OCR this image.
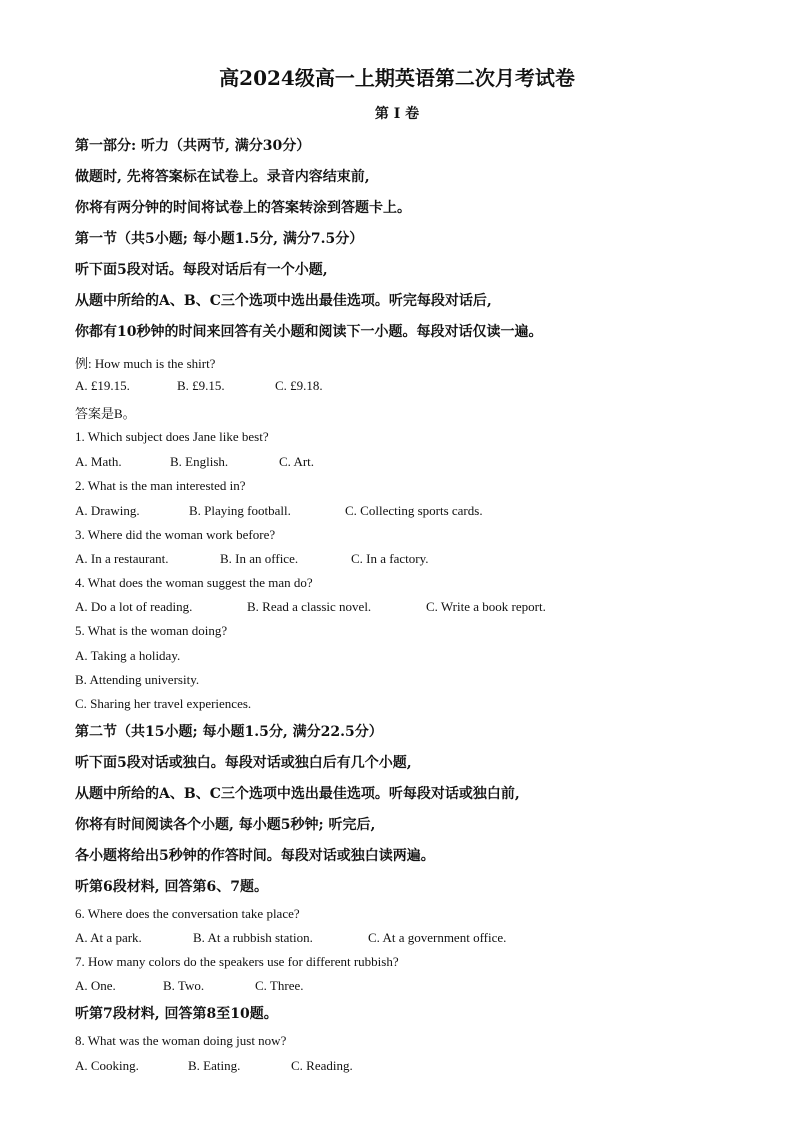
高2024级高一上期英语第二次月考试卷
第 I 卷
第一部分: 听力（共两节, 满分30分）
做题时, 先将答案标在试卷上。录音内容结束前,
你将有两分钟的时间将试卷上的答案转涂到答题卡上。
第一节（共5小题; 每小题1.5分, 满分7.5分）
听下面5段对话。每段对话后有一个小题,
从题中所给的A、B、C三个选项中选出最佳选项。听完每段对话后,
你都有10秒钟的时间来回答有关小题和阅读下一小题。每段对话仅读一遍。
例: How much is the shirt?
A. £19.15.	B. £9.15.	C. £9.18.
答案是B。
1. Which subject does Jane like best?
A. Math.	B. English.	C. Art.
2. What is the man interested in?
A. Drawing.	B. Playing football.	C. Collecting sports cards.
3. Where did the woman work before?
A. In a restaurant.	B. In an office.	C. In a factory.
4. What does the woman suggest the man do?
A. Do a lot of reading.	B. Read a classic novel.	C. Write a book report.
5. What is the woman doing?
A. Taking a holiday.
B. Attending university.
C. Sharing her travel experiences.
第二节（共15小题; 每小题1.5分, 满分22.5分）
听下面5段对话或独白。每段对话或独白后有几个小题,
从题中所给的A、B、C三个选项中选出最佳选项。听每段对话或独白前,
你将有时间阅读各个小题, 每小题5秒钟; 听完后,
各小题将给出5秒钟的作答时间。每段对话或独白读两遍。
听第6段材料, 回答第6、7题。
6. Where does the conversation take place?
A. At a park.	B. At a rubbish station.	C. At a government office.
7. How many colors do the speakers use for different rubbish?
A. One.	B. Two.	C. Three.
听第7段材料, 回答第8至10题。
8. What was the woman doing just now?
A. Cooking.	B. Eating.	C. Reading.
